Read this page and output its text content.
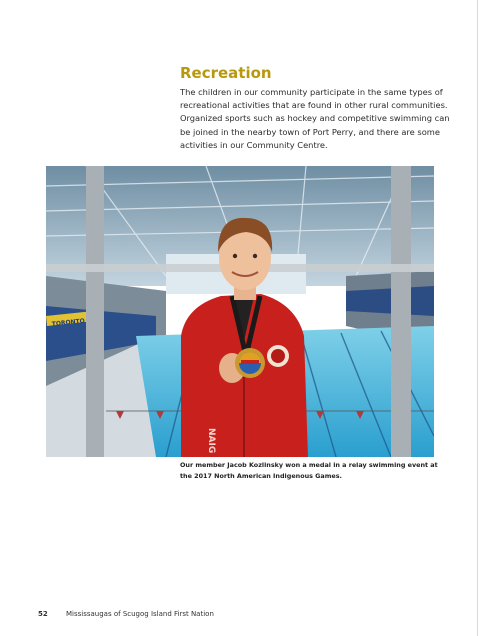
Recreation
The children in our community participate in the same types of
recreational activities that are found in other rural communities.
Organized sports such as hockey and competitive swimming can
be joined in the nearby town of Port Perry, and there are some
activities in our Community Centre.
TORONTO
NAIG
Our member Jacob Kozlinsky won a medal in a relay swimming event at
the 2017 North American Indigenous Games.
52	Mississaugas of Scugog Island First Nation
